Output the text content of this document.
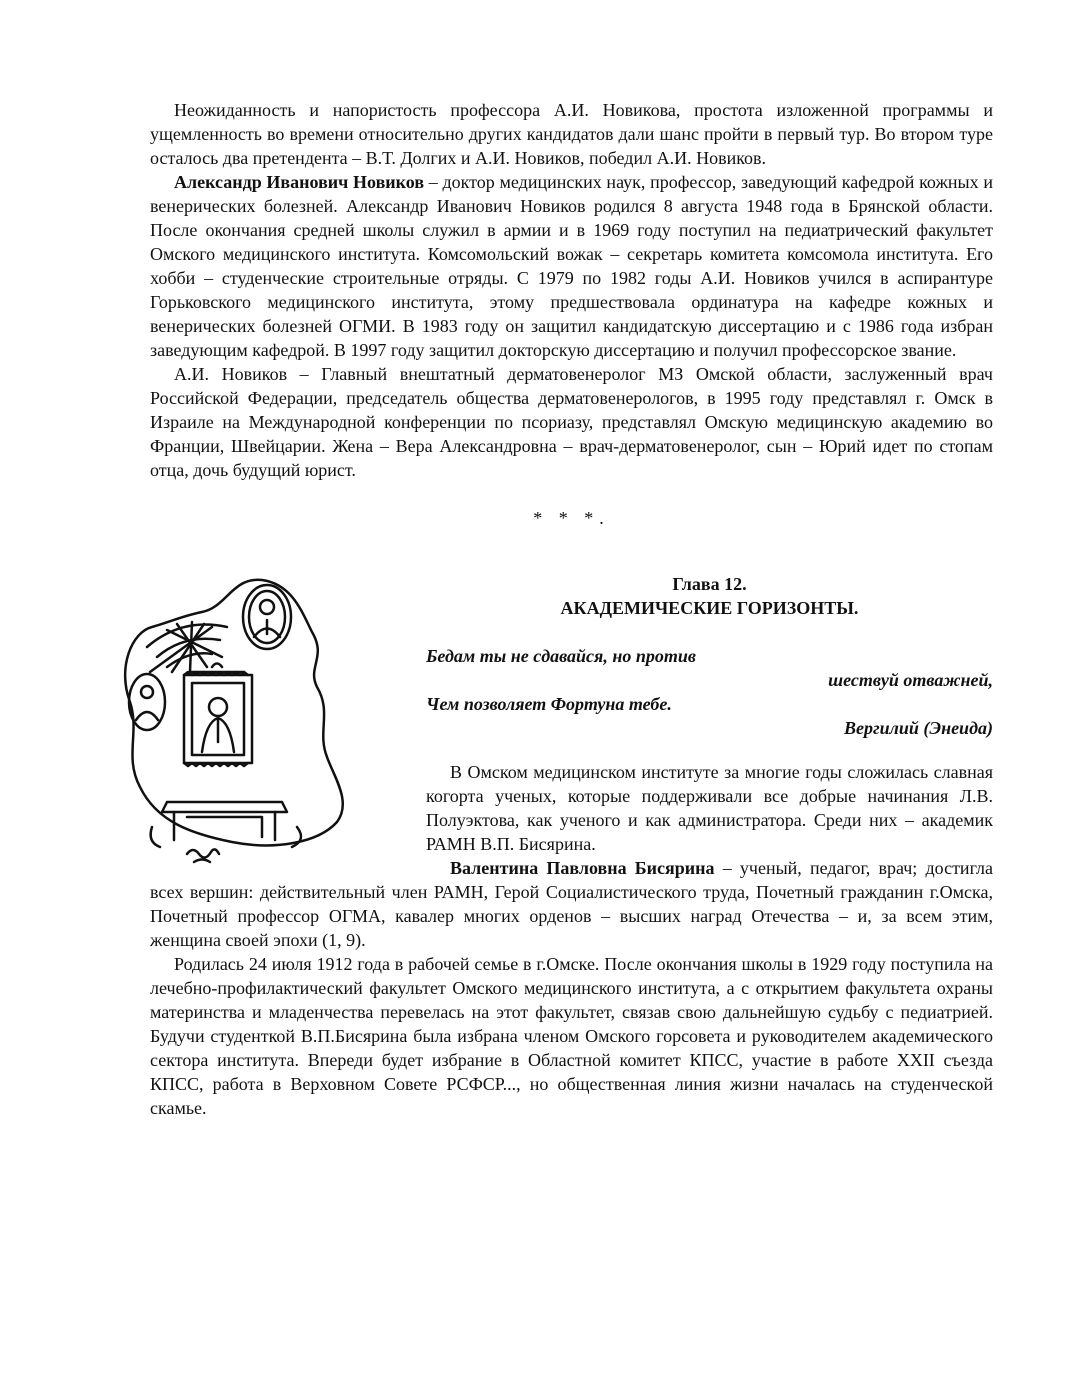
Неожиданность и напористость профессора А.И. Новикова, простота изложенной программы и ущемленность во времени относительно других кандидатов дали шанс пройти в первый тур. Во втором туре осталось два претендента – В.Т. Долгих и А.И. Новиков, победил А.И. Новиков.

Александр Иванович Новиков – доктор медицинских наук, профессор, заведующий кафедрой кожных и венерических болезней. Александр Иванович Новиков родился 8 августа 1948 года в Брянской области. После окончания средней школы служил в армии и в 1969 году поступил на педиатрический факультет Омского медицинского института. Комсомольский вожак – секретарь комитета комсомола института. Его хобби – студенческие строительные отряды. С 1979 по 1982 годы А.И. Новиков учился в аспирантуре Горьковского медицинского института, этому предшествовала ординатура на кафедре кожных и венерических болезней ОГМИ. В 1983 году он защитил кандидатскую диссертацию и с 1986 года избран заведующим кафедрой. В 1997 году защитил докторскую диссертацию и получил профессорское звание.

А.И. Новиков – Главный внештатный дерматовенеролог МЗ Омской области, заслуженный врач Российской Федерации, председатель общества дерматовенерологов, в 1995 году представлял г. Омск в Израиле на Международной конференции по псориазу, представлял Омскую медицинскую академию во Франции, Швейцарии. Жена – Вера Александровна – врач-дерматовенеролог, сын – Юрий идет по стопам отца, дочь будущий юрист.

* * *.
Глава 12.
АКАДЕМИЧЕСКИЕ ГОРИЗОНТЫ.
Бедам ты не сдавайся, но против
шествуй отважней,
Чем позволяет Фортуна тебе.
Вергилий (Энеида)

В Омском медицинском институте за многие годы сложилась славная когорта ученых, которые поддерживали все добрые начинания Л.В. Полуэктова, как ученого и как администратора. Среди них – академик РАМН В.П. Бисярина.

Валентина Павловна Бисярина – ученый, педагог, врач; достигла всех вершин: действительный член РАМН, Герой Социалистического труда, Почетный гражданин г.Омска, Почетный профессор ОГМА, кавалер многих орденов – высших наград Отечества – и, за всем этим, женщина своей эпохи (1, 9).

Родилась 24 июля 1912 года в рабочей семье в г.Омске. После окончания школы в 1929 году поступила на лечебно-профилактический факультет Омского медицинского института, а с открытием факультета охраны материнства и младенчества перевелась на этот факультет, связав свою дальнейшую судьбу с педиатрией. Будучи студенткой В.П.Бисярина была избрана членом Омского горсовета и руководителем академического сектора института. Впереди будет избрание в Областной комитет КПСС, участие в работе XXII съезда КПСС, работа в Верховном Совете РСФСР..., но общественная линия жизни началась на студенческой скамье.
